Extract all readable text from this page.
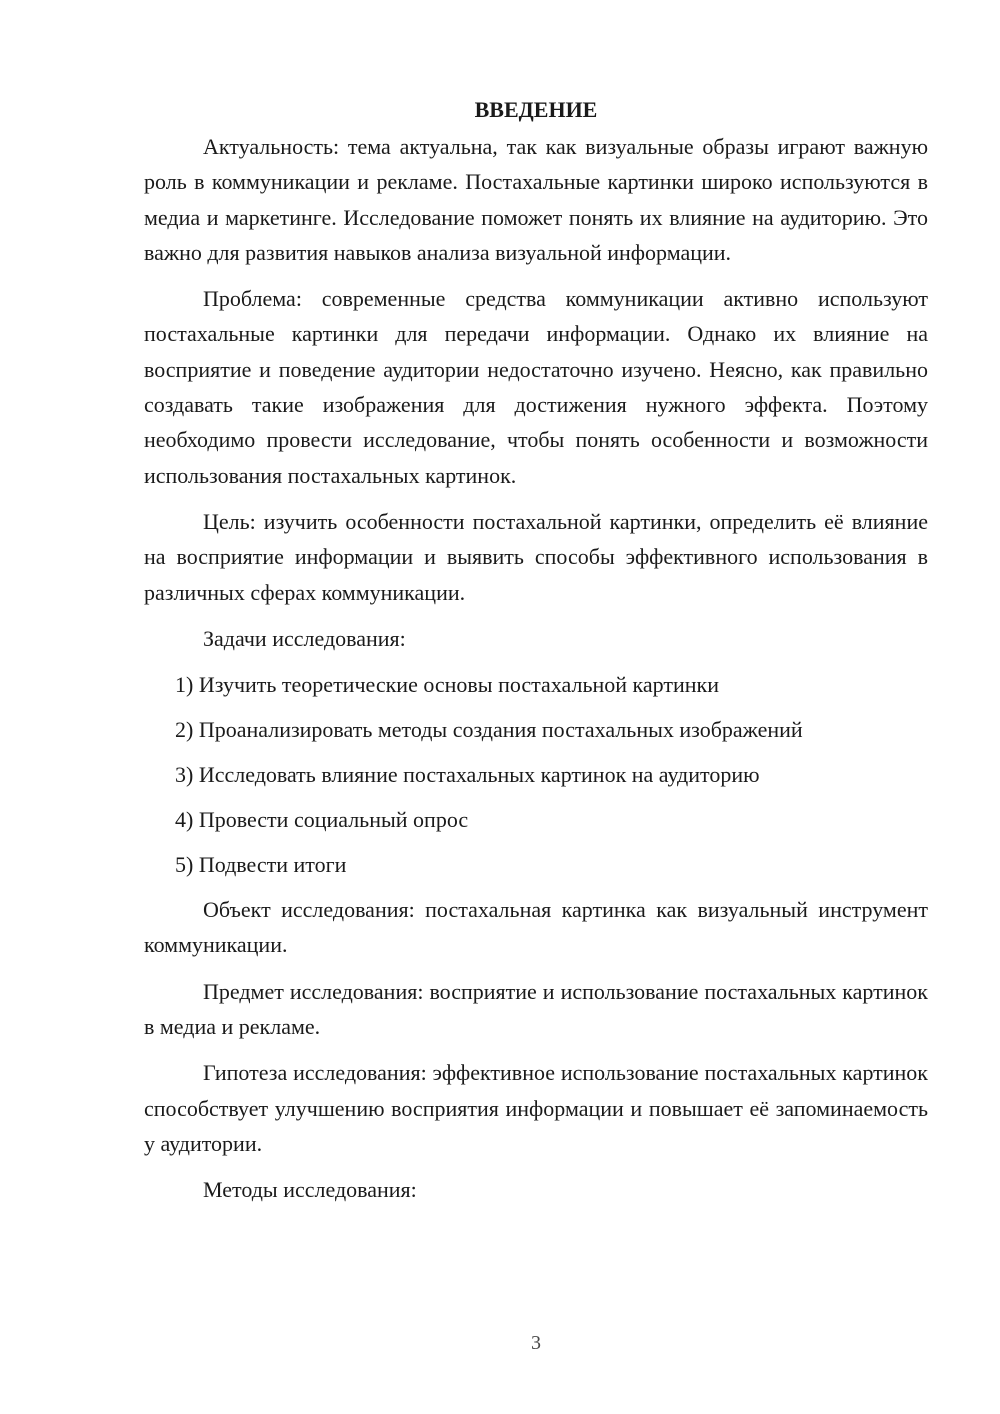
ВВЕДЕНИЕ

Актуальность: тема актуальна, так как визуальные образы играют важную роль в коммуникации и рекламе. Постахальные картинки широко используются в медиа и маркетинге. Исследование поможет понять их влияние на аудиторию. Это важно для развития навыков анализа визуальной информации.

Проблема: современные средства коммуникации активно используют постахальные картинки для передачи информации. Однако их влияние на восприятие и поведение аудитории недостаточно изучено. Неясно, как правильно создавать такие изображения для достижения нужного эффекта. Поэтому необходимо провести исследование, чтобы понять особенности и возможности использования постахальных картинок.

Цель: изучить особенности постахальной картинки, определить её влияние на восприятие информации и выявить способы эффективного использования в различных сферах коммуникации.

Задачи исследования:

1) Изучить теоретические основы постахальной картинки
2) Проанализировать методы создания постахальных изображений
3) Исследовать влияние постахальных картинок на аудиторию
4) Провести социальный опрос
5) Подвести итоги

Объект исследования: постахальная картинка как визуальный инструмент коммуникации.

Предмет исследования: восприятие и использование постахальных картинок в медиа и рекламе.

Гипотеза исследования: эффективное использование постахальных картинок способствует улучшению восприятия информации и повышает её запоминаемость у аудитории.

Методы исследования:

3
